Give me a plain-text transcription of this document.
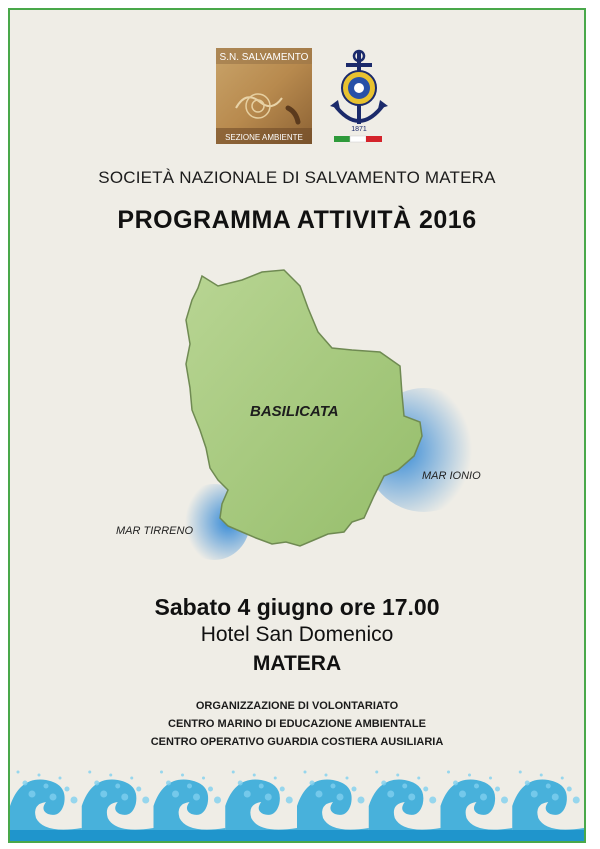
S.N. SALVAMENTO
SEZIONE AMBIENTE
1871
SOCIETÀ NAZIONALE DI SALVAMENTO MATERA
PROGRAMMA ATTIVITÀ 2016
BASILICATA
MAR IONIO
MAR TIRRENO
Sabato 4 giugno ore 17.00
Hotel San Domenico
MATERA
ORGANIZZAZIONE DI VOLONTARIATO
CENTRO MARINO DI EDUCAZIONE AMBIENTALE
CENTRO OPERATIVO GUARDIA COSTIERA AUSILIARIA
